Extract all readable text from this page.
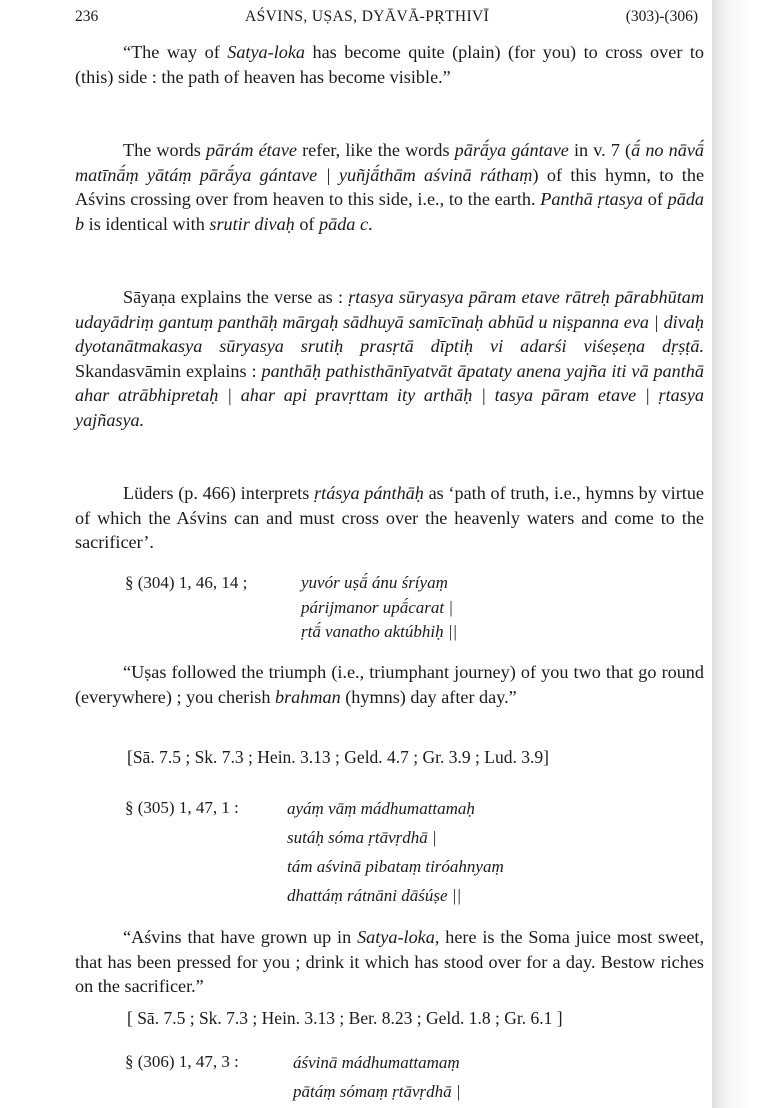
236	AŚVINS, UṢAS, DYĀVĀ-PṚTHIVĪ	(303)-(306)

“The way of Satya-loka has become quite (plain) (for you) to cross over to (this) side : the path of heaven has become visible.”

The words pārám étave refer, like the words pārā́ya gántave in v. 7 (ā́ no nāvā́ matīnā́ṃ yātáṃ pārā́ya gántave | yuñjā́thām aśvinā ráthaṃ) of this hymn, to the Aśvins crossing over from heaven to this side, i.e., to the earth. Panthā ṛtasya of pāda b is identical with srutir divaḥ of pāda c.

Sāyaṇa explains the verse as : ṛtasya sūryasya pāram etave rātreḥ pārabhūtam udayādriṃ gantuṃ panthāḥ mārgaḥ sādhuyā samīcīnaḥ abhūd u niṣpanna eva | divaḥ dyotanātmakasya sūryasya srutiḥ prasṛtā dīptiḥ vi adarśi viśeṣeṇa dṛṣṭā. Skandasvāmin explains : panthāḥ pathisthānīyatvāt āpataty anena yajña iti vā panthā ahar atrābhipretaḥ | ahar api pravṛttam ity arthāḥ | tasya pāram etave | ṛtasya yajñasya.

Lüders (p. 466) interprets ṛtásya pánthāḥ as ‘path of truth, i.e., hymns by virtue of which the Aśvins can and must cross over the heavenly waters and come to the sacrificer’.

§ (304) 1, 46, 14 ;	yuvór uṣā́ ánu śríyaṃ
párijmanor upā́carat |
ṛtā́ vanatho aktúbhiḥ ||

“Uṣas followed the triumph (i.e., triumphant journey) of you two that go round (everywhere) ; you cherish brahman (hymns) day after day.”

[Sā. 7.5 ; Sk. 7.3 ; Hein. 3.13 ; Geld. 4.7 ; Gr. 3.9 ; Lud. 3.9]
§ (305) 1, 47, 1 :	ayáṃ vāṃ mádhumattamaḥ
sutáḥ sóma ṛtāvṛdhā |
tám aśvinā pibataṃ tiróahnyaṃ
dhattáṃ rátnāni dāśúṣe ||

“Aśvins that have grown up in Satya-loka, here is the Soma juice most sweet, that has been pressed for you ; drink it which has stood over for a day. Bestow riches on the sacrificer.”

[ Sā. 7.5 ; Sk. 7.3 ; Hein. 3.13 ; Ber. 8.23 ; Geld. 1.8 ; Gr. 6.1 ]
§ (306) 1, 47, 3 :	áśvinā mádhumattamaṃ
pātáṃ sómaṃ ṛtāvṛdhā |
